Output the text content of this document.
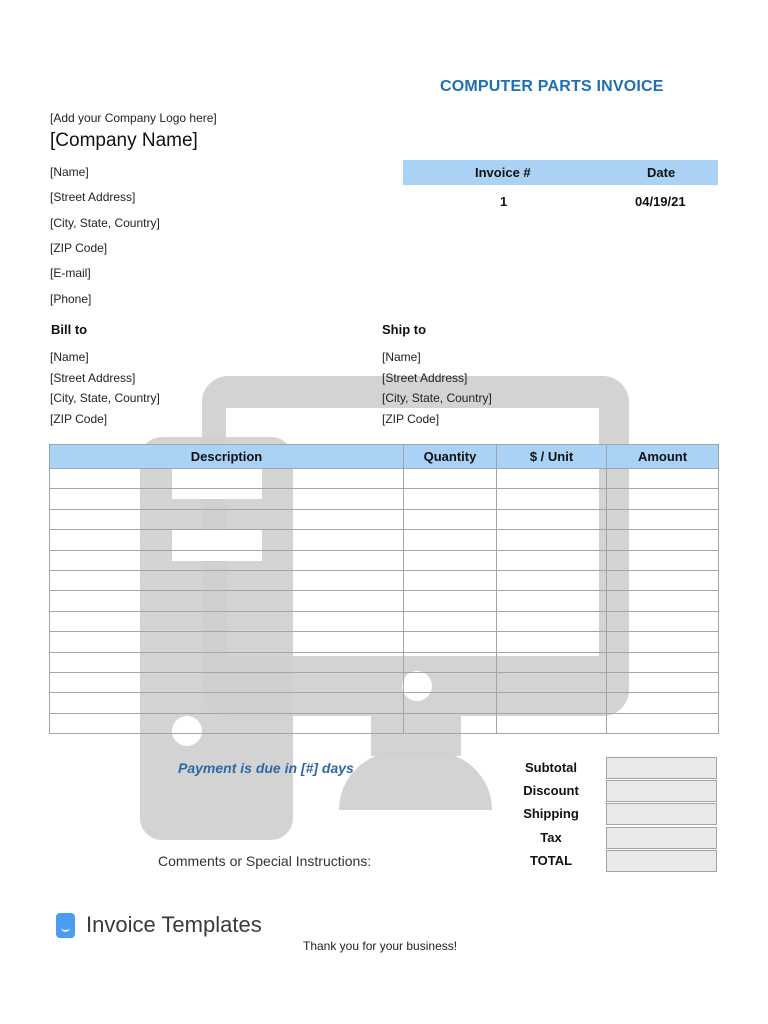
COMPUTER PARTS INVOICE
[Add your Company Logo here]
[Company Name]
[Name]
[Street Address]
[City, State, Country]
[ZIP Code]
[E-mail]
[Phone]
Invoice #	Date
1	04/19/21
Bill to	Ship to
[Name]
[Street Address]
[City, State, Country]
[ZIP Code]
[Name]
[Street Address]
[City, State, Country]
[ZIP Code]
Description	Quantity	$ / Unit	Amount

Payment is due in [#] days	Subtotal
Discount
Shipping
Tax
TOTAL
Comments or Special Instructions:
Invoice Templates
Thank you for your business!
